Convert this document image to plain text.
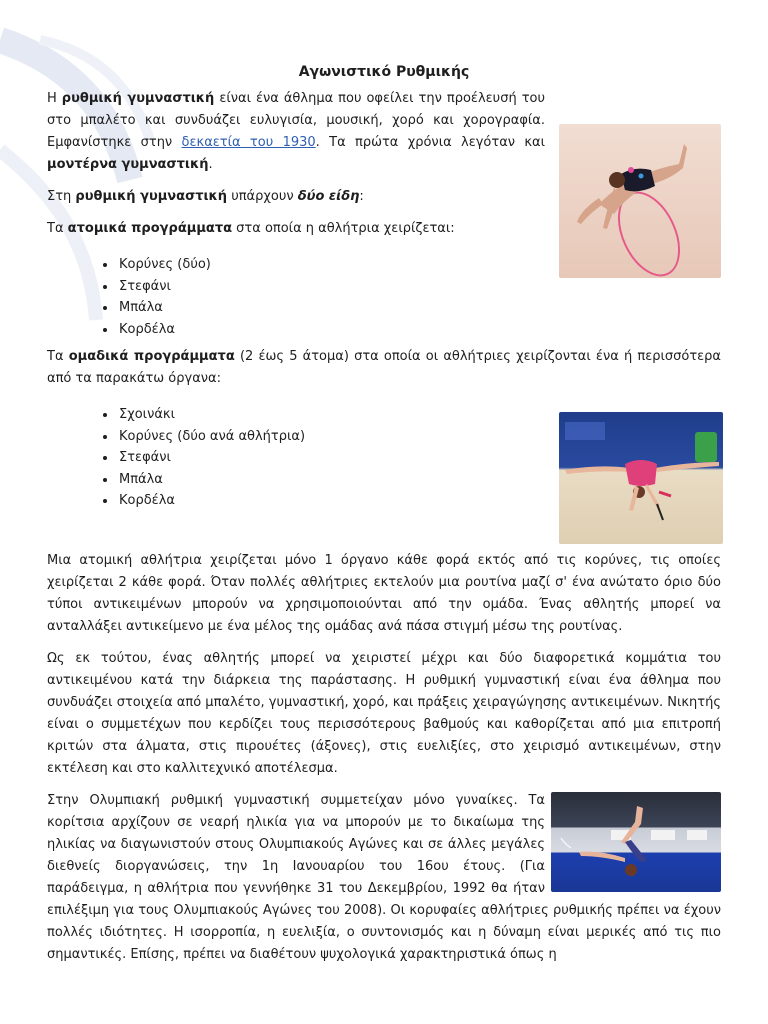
Αγωνιστικό Ρυθμικής

Η ρυθμική γυμναστική είναι ένα άθλημα που οφείλει την προέλευσή του στο μπαλέτο και συνδυάζει ευλυγισία, μουσική, χορό και χορογραφία. Εμφανίστηκε στην δεκαετία του 1930. Τα πρώτα χρόνια λεγόταν και μοντέρνα γυμναστική.

Στη ρυθμική γυμναστική υπάρχουν δύο είδη:

Τα ατομικά προγράμματα στα οποία η αθλήτρια χειρίζεται:

• Κορύνες (δύο)
• Στεφάνι
• Μπάλα
• Κορδέλα

Τα ομαδικά προγράμματα (2 έως 5 άτομα) στα οποία οι αθλήτριες χειρίζονται ένα ή περισσότερα από τα παρακάτω όργανα:

• Σχοινάκι
• Κορύνες (δύο ανά αθλήτρια)
• Στεφάνι
• Μπάλα
• Κορδέλα

Μια ατομική αθλήτρια χειρίζεται μόνο 1 όργανο κάθε φορά εκτός από τις κορύνες, τις οποίες χειρίζεται 2 κάθε φορά. Όταν πολλές αθλήτριες εκτελούν μια ρουτίνα μαζί σ' ένα ανώτατο όριο δύο τύποι αντικειμένων μπορούν να χρησιμοποιούνται από την ομάδα. Ένας αθλητής μπορεί να ανταλλάξει αντικείμενο με ένα μέλος της ομάδας ανά πάσα στιγμή μέσω της ρουτίνας.

Ως εκ τούτου, ένας αθλητής μπορεί να χειριστεί μέχρι και δύο διαφορετικά κομμάτια του αντικειμένου κατά την διάρκεια της παράστασης. Η ρυθμική γυμναστική είναι ένα άθλημα που συνδυάζει στοιχεία από μπαλέτο, γυμναστική, χορό, και πράξεις χειραγώγησης αντικειμένων. Νικητής είναι ο συμμετέχων που κερδίζει τους περισσότερους βαθμούς και καθορίζεται από μια επιτροπή κριτών στα άλματα, στις πιρουέτες (άξονες), στις ευελιξίες, στο χειρισμό αντικειμένων, στην εκτέλεση και στο καλλιτεχνικό αποτέλεσμα.

Στην Ολυμπιακή ρυθμική γυμναστική συμμετείχαν μόνο γυναίκες. Τα κορίτσια αρχίζουν σε νεαρή ηλικία για να μπορούν με το δικαίωμα της ηλικίας να διαγωνιστούν στους Ολυμπιακούς Αγώνες και σε άλλες μεγάλες διεθνείς διοργανώσεις, την 1η Ιανουαρίου του 16ου έτους. (Για παράδειγμα, η αθλήτρια που γεννήθηκε 31 του Δεκεμβρίου, 1992 θα ήταν επιλέξιμη για τους Ολυμπιακούς Αγώνες του 2008). Οι κορυφαίες αθλήτριες ρυθμικής πρέπει να έχουν πολλές ιδιότητες. Η ισορροπία, η ευελιξία, ο συντονισμός και η δύναμη είναι μερικές από τις πιο σημαντικές. Επίσης, πρέπει να διαθέτουν ψυχολογικά χαρακτηριστικά όπως η
